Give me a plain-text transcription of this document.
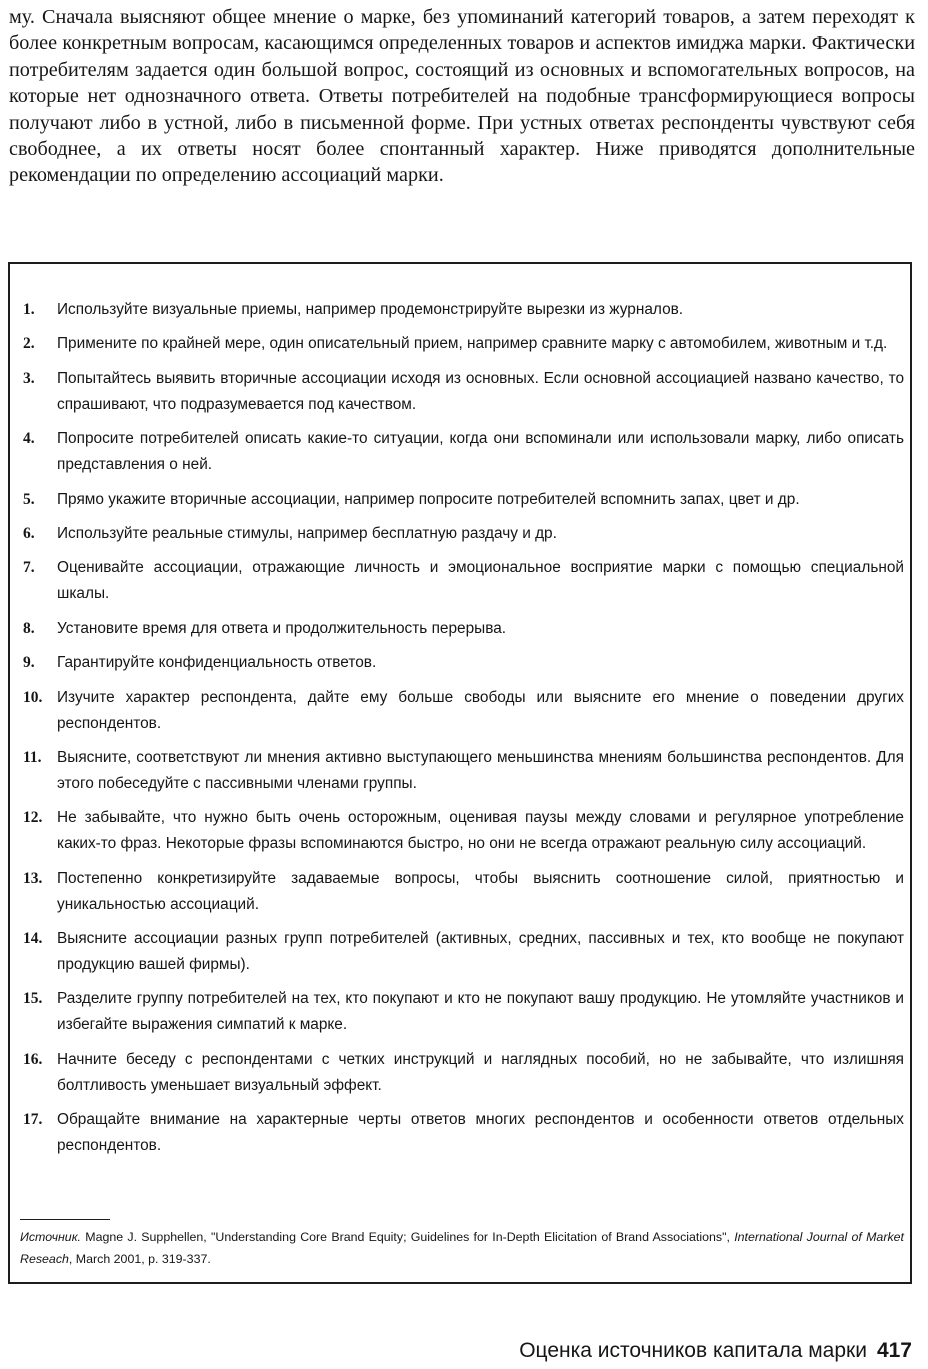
му. Сначала выясняют общее мнение о марке, без упоминаний категорий товаров, а затем переходят к более конкретным вопросам, касающимся определенных товаров и аспектов имиджа марки. Фактически потребителям задается один большой вопрос, состоящий из основных и вспомогательных вопросов, на которые нет однозначного ответа. Ответы потребителей на подобные трансформирующиеся вопросы получают либо в устной, либо в письменной форме. При устных ответах респонденты чувствуют себя свободнее, а их ответы носят более спонтанный характер. Ниже приводятся дополнительные рекомендации по определению ассоциаций марки.

1.	Используйте визуальные приемы, например продемонстрируйте вырезки из журналов.
2.	Примените по крайней мере, один описательный прием, например сравните марку с автомобилем, животным и т.д.
3.	Попытайтесь выявить вторичные ассоциации исходя из основных. Если основной ассоциацией названо качество, то спрашивают, что подразумевается под качеством.
4.	Попросите потребителей описать какие-то ситуации, когда они вспоминали или использовали марку, либо описать представления о ней.
5.	Прямо укажите вторичные ассоциации, например попросите потребителей вспомнить запах, цвет и др.
6.	Используйте реальные стимулы, например бесплатную раздачу и др.
7.	Оценивайте ассоциации, отражающие личность и эмоциональное восприятие марки с помощью специальной шкалы.
8.	Установите время для ответа и продолжительность перерыва.
9.	Гарантируйте конфиденциальность ответов.
10. Изучите характер респондента, дайте ему больше свободы или выясните его мнение о поведении других респондентов.
11.	Выясните, соответствуют ли мнения активно выступающего меньшинства мнениям большинства респондентов. Для этого побеседуйте с пассивными членами группы.
12. Не забывайте, что нужно быть очень осторожным, оценивая паузы между словами и регулярное употребление каких-то фраз. Некоторые фразы вспоминаются быстро, но они не всегда отражают реальную силу ассоциаций.
13. Постепенно конкретизируйте задаваемые вопросы, чтобы выяснить соотношение силой, приятностью и уникальностью ассоциаций.
14. Выясните ассоциации разных групп потребителей (активных, средних, пассивных и тех, кто вообще не покупают продукцию вашей фирмы).
15. Разделите группу потребителей на тех, кто покупают и кто не покупают вашу продукцию. Не утомляйте участников и избегайте выражения симпатий к марке.
16. Начните беседу с респондентами с четких инструкций и наглядных пособий, но не забывайте, что излишняя болтливость уменьшает визуальный эффект.
17. Обращайте внимание на характерные черты ответов многих респондентов и особенности ответов отдельных респондентов.
Источник. Magne J. Supphellen, "Understanding Core Brand Equity; Guidelines for In-Depth Elicitation of Brand Associations", International Journal of Market Reseach, March 2001, p. 319-337.
Оценка источников капитала марки 417
